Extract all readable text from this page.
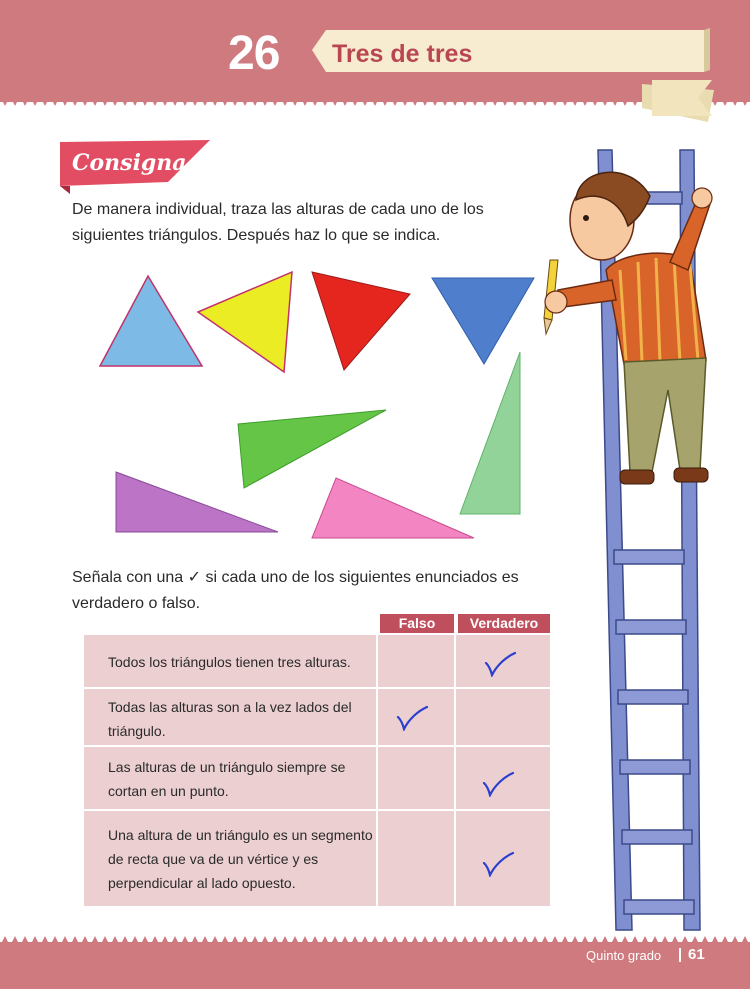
26	Tres de tres
Consigna
De manera individual, traza las alturas de cada uno de los siguientes triángulos. Después haz lo que se indica.
Señala con una ✓ si cada uno de los siguientes enunciados es verdadero o falso.
Falso	Verdadero
Todos los triángulos tienen tres alturas.
Todas las alturas son a la vez lados del triángulo.
Las alturas de un triángulo siempre se cortan en un punto.
Una altura de un triángulo es un segmento de recta que va de un vértice y es perpendicular al lado opuesto.
Quinto grado 61
